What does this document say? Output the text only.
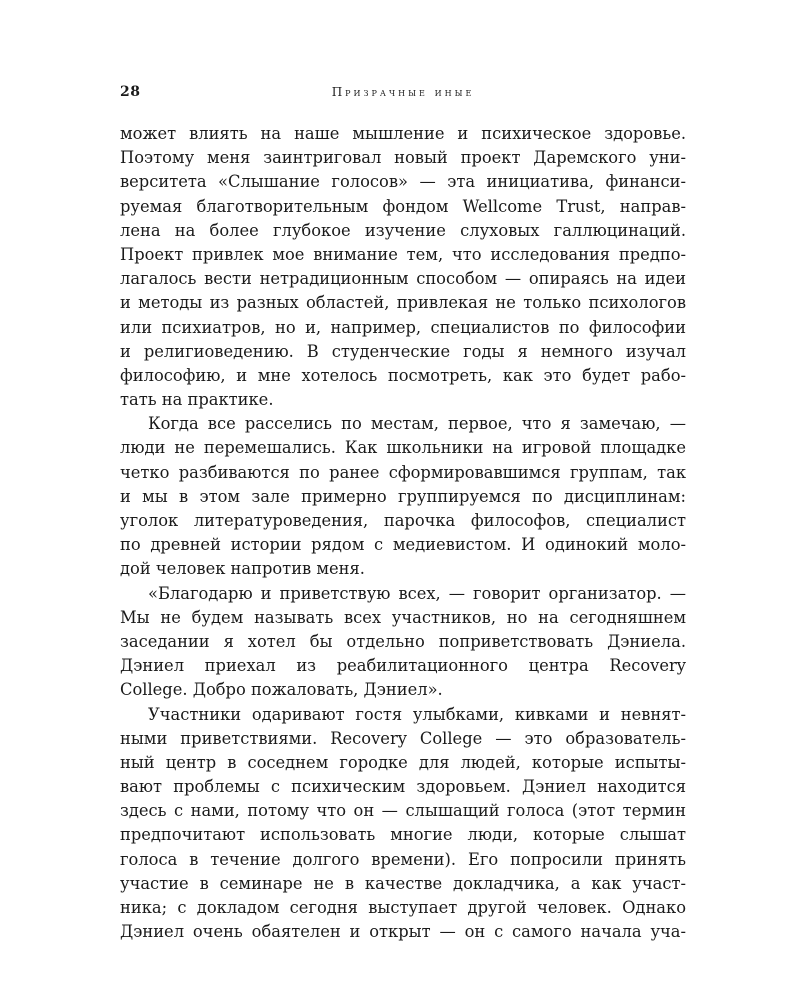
28	Призрачные иные
может влиять на наше мышление и психическое здоровье.
Поэтому меня заинтриговал новый проект Даремского уни-
верситета «Слышание голосов» — эта инициатива, финанси-
руемая благотворительным фондом Wellcome Trust, направ-
лена на более глубокое изучение слуховых галлюцинаций.
Проект привлек мое внимание тем, что исследования предпо-
лагалось вести нетрадиционным способом — опираясь на идеи
и методы из разных областей, привлекая не только психологов
или психиатров, но и, например, специалистов по философии
и религиоведению. В студенческие годы я немного изучал
философию, и мне хотелось посмотреть, как это будет рабо-
тать на практике.
Когда все расселись по местам, первое, что я замечаю, —
люди не перемешались. Как школьники на игровой площадке
четко разбиваются по ранее сформировавшимся группам, так
и мы в этом зале примерно группируемся по дисциплинам:
уголок литературоведения, парочка философов, специалист
по древней истории рядом с медиевистом. И одинокий моло-
дой человек напротив меня.
«Благодарю и приветствую всех, — говорит организатор. —
Мы не будем называть всех участников, но на сегодняшнем
заседании я хотел бы отдельно поприветствовать Дэниела.
Дэниел приехал из реабилитационного центра Recovery
College. Добро пожаловать, Дэниел».
Участники одаривают гостя улыбками, кивками и невнят-
ными приветствиями. Recovery College — это образователь-
ный центр в соседнем городке для людей, которые испыты-
вают проблемы с психическим здоровьем. Дэниел находится
здесь с нами, потому что он — слышащий голоса (этот термин
предпочитают использовать многие люди, которые слышат
голоса в течение долгого времени). Его попросили принять
участие в семинаре не в качестве докладчика, а как участ-
ника; с докладом сегодня выступает другой человек. Однако
Дэниел очень обаятелен и открыт — он с самого начала уча-
